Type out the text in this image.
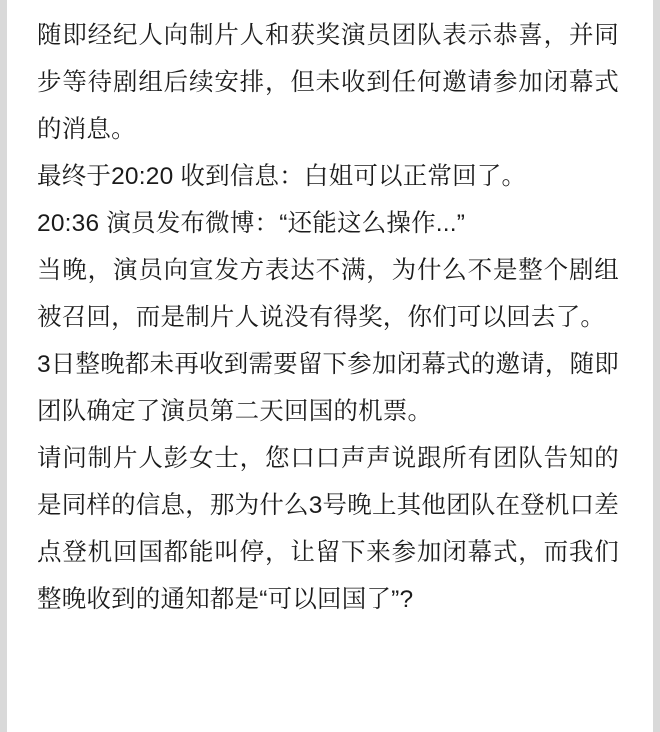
随即经纪人向制片人和获奖演员团队表示恭喜，并同步等待剧组后续安排，但未收到任何邀请参加闭幕式的消息。

最终于20:20 收到信息：白姐可以正常回了。

20:36 演员发布微博：“还能这么操作...”

当晚，演员向宣发方表达不满，为什么不是整个剧组被召回，而是制片人说没有得奖，你们可以回去了。

3日整晚都未再收到需要留下参加闭幕式的邀请，随即团队确定了演员第二天回国的机票。

请问制片人彭女士，您口口声声说跟所有团队告知的是同样的信息，那为什么3号晚上其他团队在登机口差点登机回国都能叫停，让留下来参加闭幕式，而我们整晚收到的通知都是“可以回国了”?
